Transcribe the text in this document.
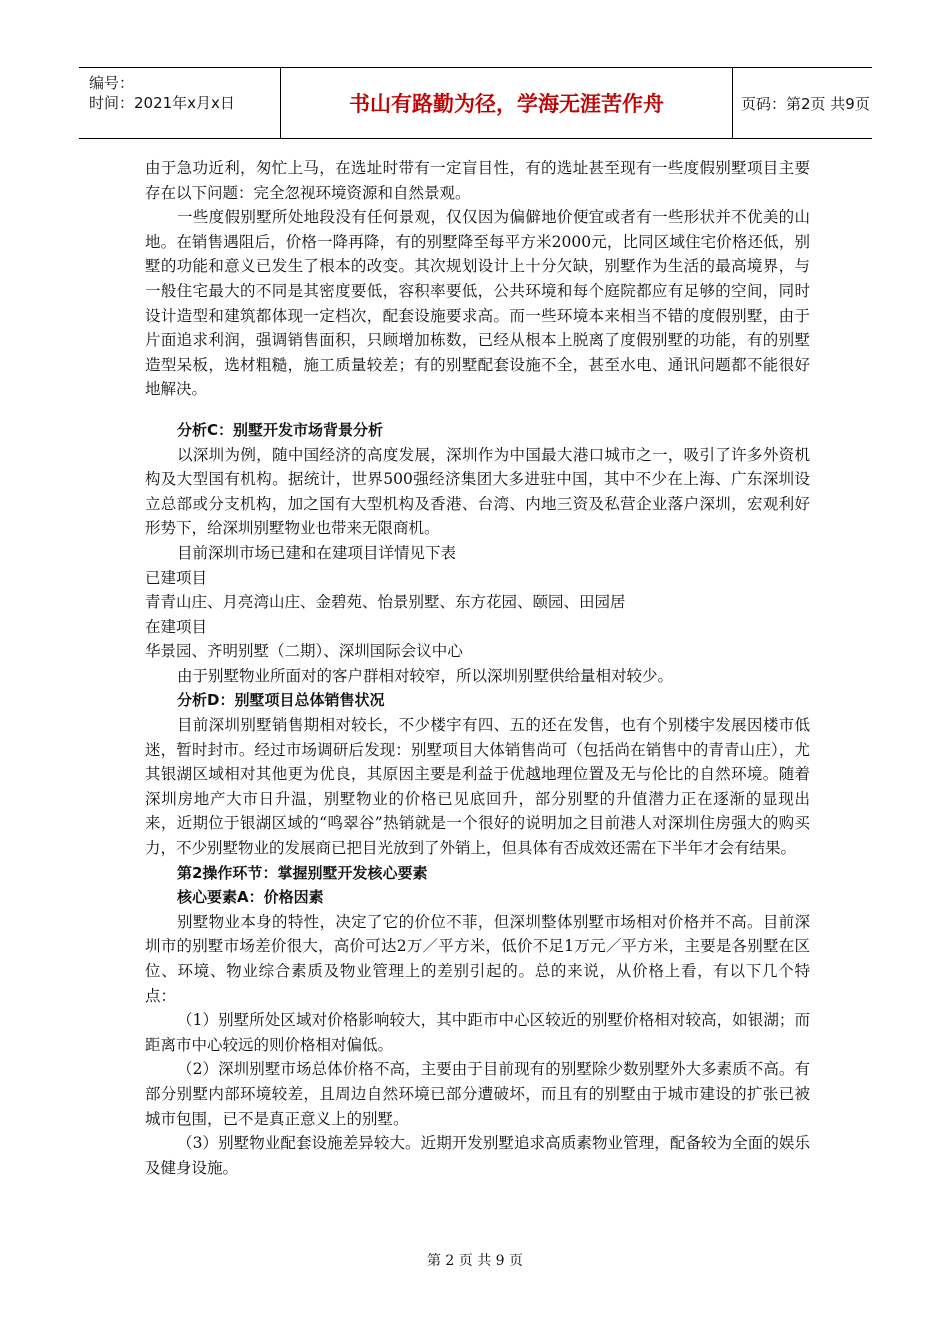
编号：
时间：2021年x月x日	书山有路勤为径，学海无涯苦作舟	页码：第2页 共9页

由于急功近利，匆忙上马，在选址时带有一定盲目性，有的选址甚至现有一些度假别墅项目主要存在以下问题：完全忽视环境资源和自然景观。

一些度假别墅所处地段没有任何景观，仅仅因为偏僻地价便宜或者有一些形状并不优美的山地。在销售遇阻后，价格一降再降，有的别墅降至每平方米2000元，比同区域住宅价格还低，别墅的功能和意义已发生了根本的改变。其次规划设计上十分欠缺，别墅作为生活的最高境界，与一般住宅最大的不同是其密度要低，容积率要低，公共环境和每个庭院都应有足够的空间，同时设计造型和建筑都体现一定档次，配套设施要求高。而一些环境本来相当不错的度假别墅，由于片面追求利润，强调销售面积，只顾增加栋数，已经从根本上脱离了度假别墅的功能，有的别墅造型呆板，选材粗糙，施工质量较差；有的别墅配套设施不全，甚至水电、通讯问题都不能很好地解决。

分析C：别墅开发市场背景分析

以深圳为例，随中国经济的高度发展，深圳作为中国最大港口城市之一，吸引了许多外资机构及大型国有机构。据统计，世界500强经济集团大多进驻中国，其中不少在上海、广东深圳设立总部或分支机构，加之国有大型机构及香港、台湾、内地三资及私营企业落户深圳，宏观利好形势下，给深圳别墅物业也带来无限商机。

目前深圳市场已建和在建项目详情见下表

已建项目

青青山庄、月亮湾山庄、金碧苑、怡景别墅、东方花园、颐园、田园居

在建项目

华景园、齐明别墅（二期）、深圳国际会议中心

由于别墅物业所面对的客户群相对较窄，所以深圳别墅供给量相对较少。

分析D：别墅项目总体销售状况

目前深圳别墅销售期相对较长，不少楼宇有四、五的还在发售，也有个别楼宇发展因楼市低迷，暂时封市。经过市场调研后发现：别墅项目大体销售尚可（包括尚在销售中的青青山庄），尤其银湖区域相对其他更为优良，其原因主要是利益于优越地理位置及无与伦比的自然环境。随着深圳房地产大市日升温，别墅物业的价格已见底回升，部分别墅的升值潜力正在逐渐的显现出来，近期位于银湖区域的“鸣翠谷”热销就是一个很好的说明加之目前港人对深圳住房强大的购买力，不少别墅物业的发展商已把目光放到了外销上，但具体有否成效还需在下半年才会有结果。

第2操作环节：掌握别墅开发核心要素

核心要素A：价格因素

别墅物业本身的特性，决定了它的价位不菲，但深圳整体别墅市场相对价格并不高。目前深圳市的别墅市场差价很大，高价可达2万／平方米，低价不足1万元／平方米，主要是各别墅在区位、环境、物业综合素质及物业管理上的差别引起的。总的来说，从价格上看，有以下几个特点：

（1）别墅所处区域对价格影响较大，其中距市中心区较近的别墅价格相对较高，如银湖；而距离市中心较远的则价格相对偏低。

（2）深圳别墅市场总体价格不高，主要由于目前现有的别墅除少数别墅外大多素质不高。有部分别墅内部环境较差，且周边自然环境已部分遭破坏，而且有的别墅由于城市建设的扩张已被城市包围，已不是真正意义上的别墅。

（3）别墅物业配套设施差异较大。近期开发别墅追求高质素物业管理，配备较为全面的娱乐及健身设施。

第 2 页 共 9 页
